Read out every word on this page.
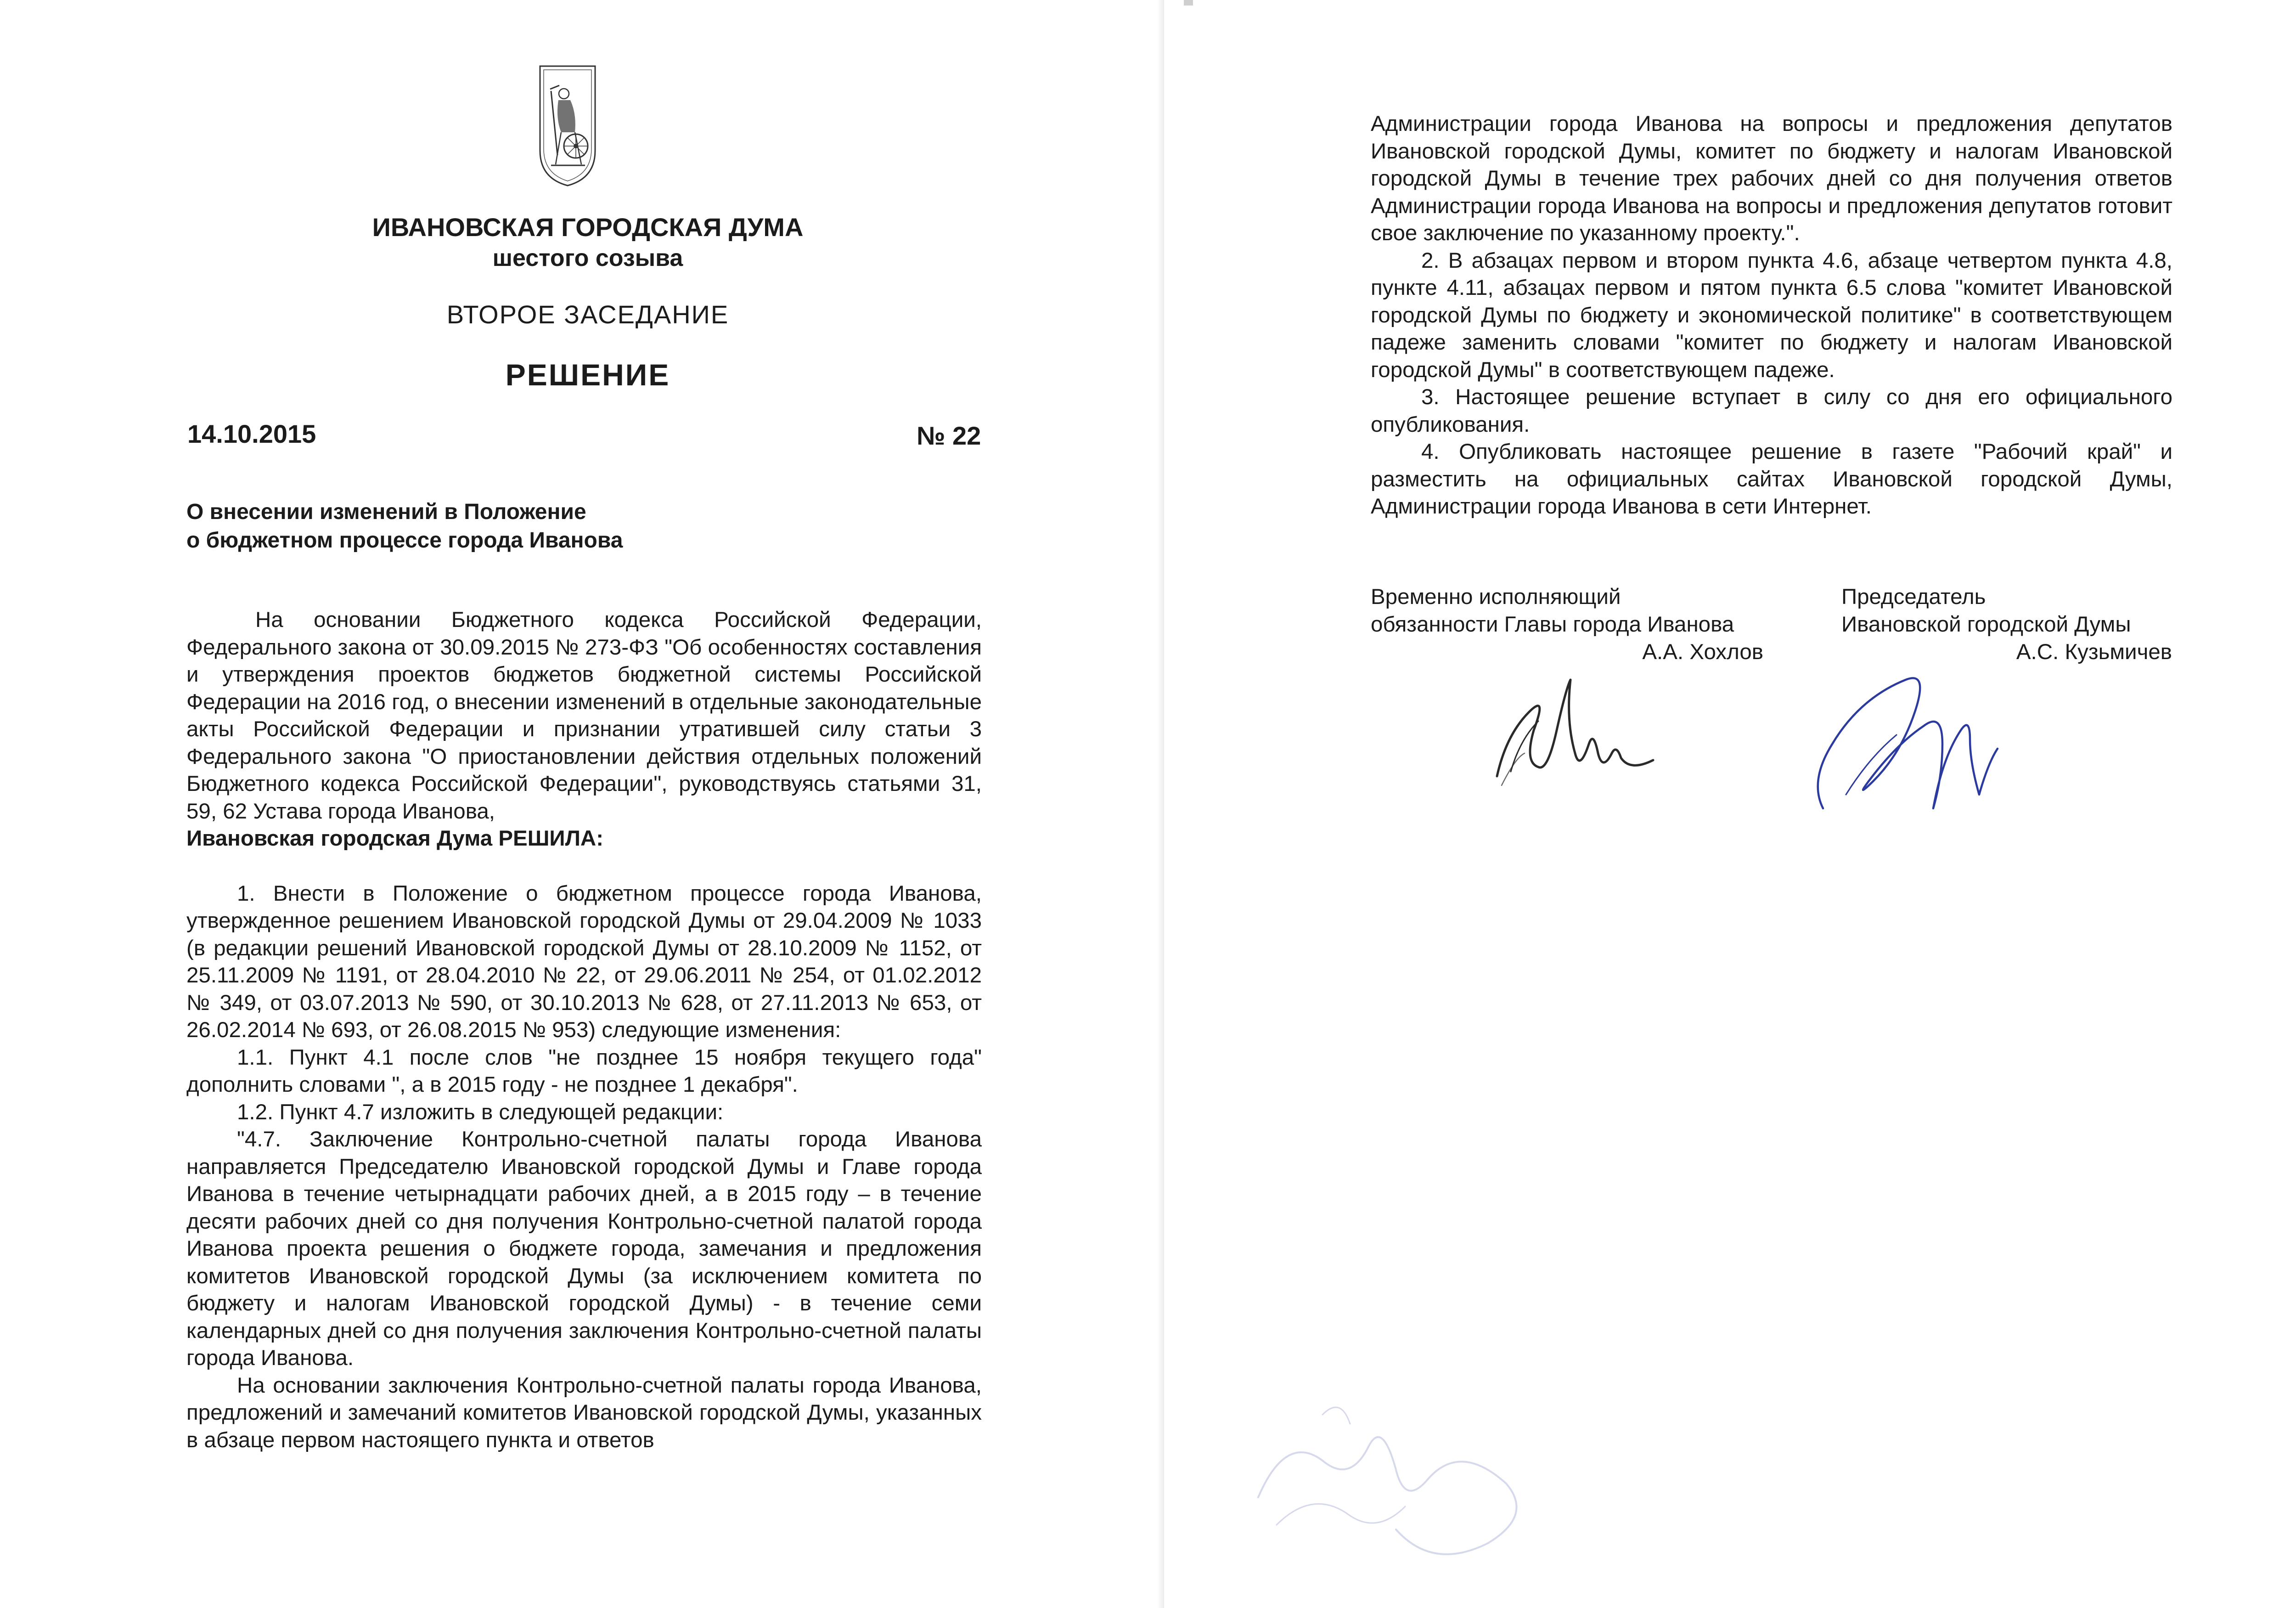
ИВАНОВСКАЯ ГОРОДСКАЯ ДУМА

шестого созыва

ВТОРОЕ ЗАСЕДАНИЕ

РЕШЕНИЕ

14.10.2015	№ 22

О внесении изменений в Положение
о бюджетном процессе города Иванова

На основании Бюджетного кодекса Российской Федерации, Федерального закона от 30.09.2015 № 273-ФЗ "Об особенностях составления и утверждения проектов бюджетов бюджетной системы Российской Федерации на 2016 год, о внесении изменений в отдельные законодательные акты Российской Федерации и признании утратившей силу статьи 3 Федерального закона "О приостановлении действия отдельных положений Бюджетного кодекса Российской Федерации", руководствуясь статьями 31, 59, 62 Устава города Иванова,

Ивановская городская Дума РЕШИЛА:

1. Внести в Положение о бюджетном процессе города Иванова, утвержденное решением Ивановской городской Думы от 29.04.2009 № 1033 (в редакции решений Ивановской городской Думы от 28.10.2009 № 1152, от 25.11.2009 № 1191, от 28.04.2010 № 22, от 29.06.2011 № 254, от 01.02.2012 № 349, от 03.07.2013 № 590, от 30.10.2013 № 628, от 27.11.2013 № 653, от 26.02.2014 № 693, от 26.08.2015 № 953) следующие изменения:

1.1. Пункт 4.1 после слов "не позднее 15 ноября текущего года" дополнить словами ", а в 2015 году - не позднее 1 декабря".

1.2. Пункт 4.7 изложить в следующей редакции:

"4.7. Заключение Контрольно-счетной палаты города Иванова направляется Председателю Ивановской городской Думы и Главе города Иванова в течение четырнадцати рабочих дней, а в 2015 году – в течение десяти рабочих дней со дня получения Контрольно-счетной палатой города Иванова проекта решения о бюджете города, замечания и предложения комитетов Ивановской городской Думы (за исключением комитета по бюджету и налогам Ивановской городской Думы) - в течение семи календарных дней со дня получения заключения Контрольно-счетной палаты города Иванова.

На основании заключения Контрольно-счетной палаты города Иванова, предложений и замечаний комитетов Ивановской городской Думы, указанных в абзаце первом настоящего пункта и ответов

Администрации города Иванова на вопросы и предложения депутатов Ивановской городской Думы, комитет по бюджету и налогам Ивановской городской Думы в течение трех рабочих дней со дня получения ответов Администрации города Иванова на вопросы и предложения депутатов готовит свое заключение по указанному проекту.".

2. В абзацах первом и втором пункта 4.6, абзаце четвертом пункта 4.8, пункте 4.11, абзацах первом и пятом пункта 6.5 слова "комитет Ивановской городской Думы по бюджету и экономической политике" в соответствующем падеже заменить словами "комитет по бюджету и налогам Ивановской городской Думы" в соответствующем падеже.

3. Настоящее решение вступает в силу со дня его официального опубликования.

4. Опубликовать настоящее решение в газете "Рабочий край" и разместить на официальных сайтах Ивановской городской Думы, Администрации города Иванова в сети Интернет.

Временно исполняющий
обязанности Главы города Иванова
А.А. Хохлов
Председатель
Ивановской городской Думы
А.С. Кузьмичев
